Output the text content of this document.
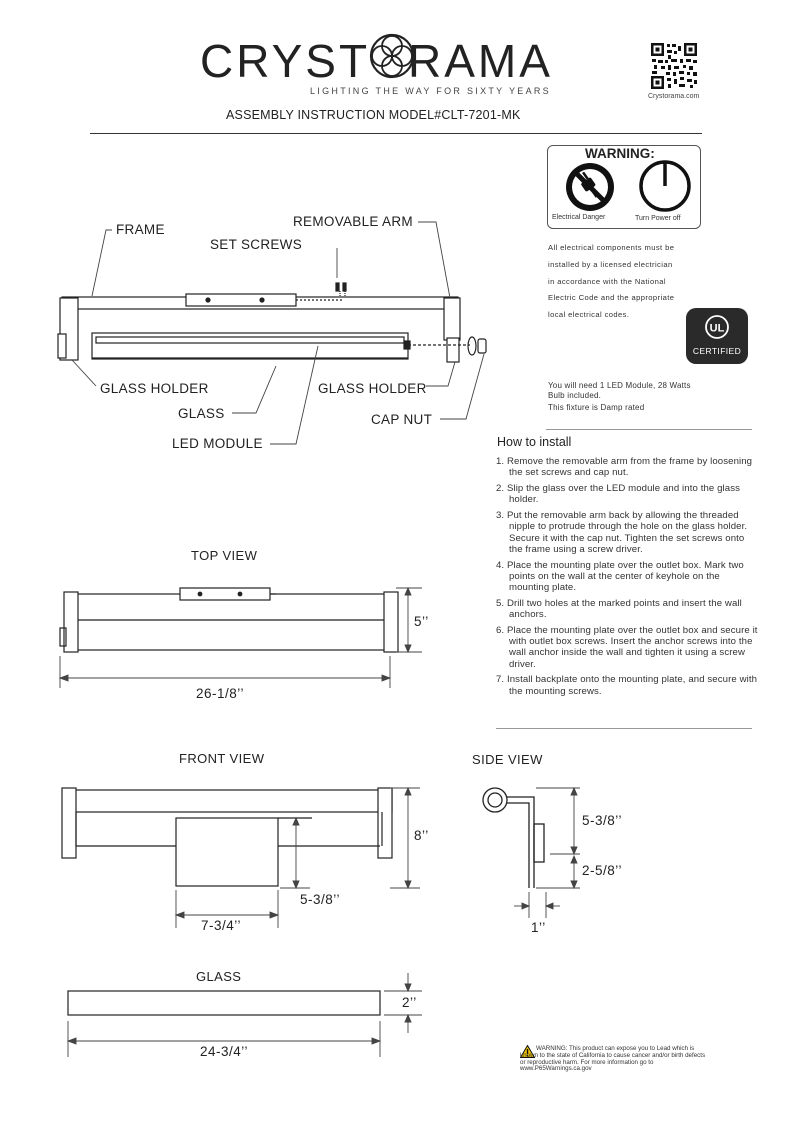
CRYST RAMA
LIGHTING THE WAY FOR SIXTY YEARS
Crystorama.com
ASSEMBLY INSTRUCTION MODEL#CLT-7201-MK
WARNING:
Electrical Danger	Turn Power off
All electrical components must be
installed by a licensed electrician
in accordance with the National
Electric Code and the appropriate
local electrical codes.
UL
CERTIFIED
You will need 1 LED Module, 28 Watts
Bulb included.
This fixture is Damp rated
How to install
1. Remove the removable arm from the frame by loosening the set screws and cap nut.
2. Slip the glass over the LED module and into the glass holder.
3. Put the removable arm back by allowing the threaded nipple to protrude through the hole on the glass holder. Secure it with the cap nut. Tighten the set screws onto the frame using a screw driver.
4. Place the mounting plate over the outlet box. Mark two points on the wall at the center of keyhole on the mounting plate.
5. Drill two holes at the marked points and insert the wall anchors.
6. Place the mounting plate over the outlet box and secure it with outlet box screws. Insert the anchor screws into the wall anchor inside the wall and tighten it using a screw driver.
7. Install backplate onto the mounting plate, and secure with the mounting screws.
FRAME
REMOVABLE ARM
SET SCREWS
GLASS HOLDER	GLASS HOLDER
GLASS	CAP NUT
LED MODULE
TOP VIEW
5’’
26-1/8’’
FRONT VIEW
8’’
5-3/8’’
7-3/4’’
SIDE VIEW
5-3/8’’
2-5/8’’
1’’
GLASS
2’’
24-3/4’’	WARNING: This product can expose you to Lead which is known to the state of California to cause cancer and/or birth defects or reproductive harm. For more information go to www.P65Warnings.ca.gov
